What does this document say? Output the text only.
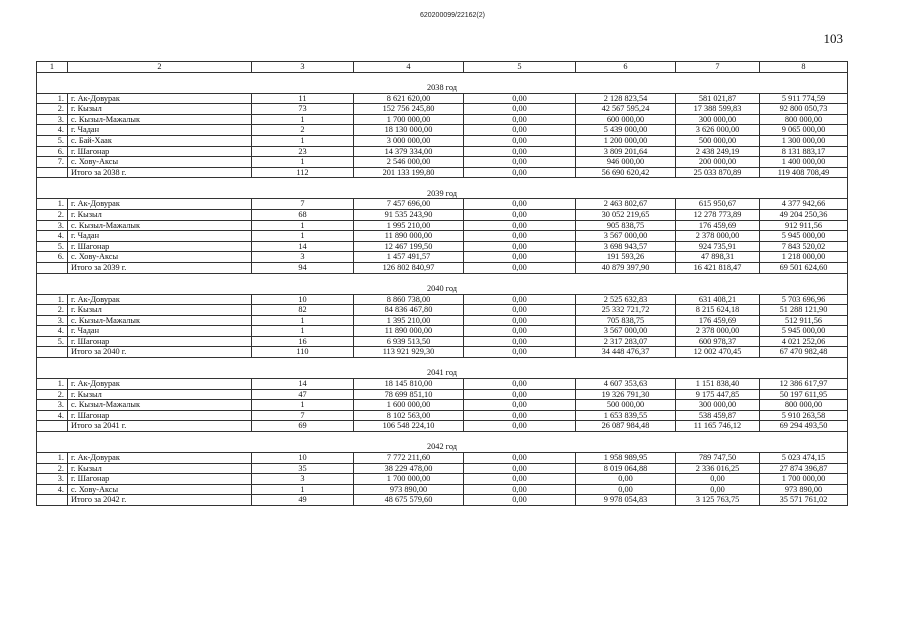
620200099/22162(2)
103
1	2	3	4	5	6	7	8

2038 год							
1.	г. Ак-Довурак	11	8 621 620,00	0,00	2 128 823,54	581 021,87	5 911 774,59
2.	г. Кызыл	73	152 756 245,80	0,00	42 567 595,24	17 388 599,83	92 800 050,73
3.	с. Кызыл-Мажалык	1	1 700 000,00	0,00	600 000,00	300 000,00	800 000,00
4.	г. Чадан	2	18 130 000,00	0,00	5 439 000,00	3 626 000,00	9 065 000,00
5.	с. Бай-Хаак	1	3 000 000,00	0,00	1 200 000,00	500 000,00	1 300 000,00
6.	г. Шагонар	23	14 379 334,00	0,00	3 809 201,64	2 438 249,19	8 131 883,17
7.	с. Хову-Аксы	1	2 546 000,00	0,00	946 000,00	200 000,00	1 400 000,00
	Итого за 2038 г.	112	201 133 199,80	0,00	56 690 620,42	25 033 870,89	119 408 708,49

2039 год							
1.	г. Ак-Довурак	7	7 457 696,00	0,00	2 463 802,67	615 950,67	4 377 942,66
2.	г. Кызыл	68	91 535 243,90	0,00	30 052 219,65	12 278 773,89	49 204 250,36
3.	с. Кызыл-Мажалык	1	1 995 210,00	0,00	905 838,75	176 459,69	912 911,56
4.	г. Чадан	1	11 890 000,00	0,00	3 567 000,00	2 378 000,00	5 945 000,00
5.	г. Шагонар	14	12 467 199,50	0,00	3 698 943,57	924 735,91	7 843 520,02
6.	с. Хову-Аксы	3	1 457 491,57	0,00	191 593,26	47 898,31	1 218 000,00
	Итого за 2039 г.	94	126 802 840,97	0,00	40 879 397,90	16 421 818,47	69 501 624,60

2040 год							
1.	г. Ак-Довурак	10	8 860 738,00	0,00	2 525 632,83	631 408,21	5 703 696,96
2.	г. Кызыл	82	84 836 467,80	0,00	25 332 721,72	8 215 624,18	51 288 121,90
3.	с. Кызыл-Мажалык	1	1 395 210,00	0,00	705 838,75	176 459,69	512 911,56
4.	г. Чадан	1	11 890 000,00	0,00	3 567 000,00	2 378 000,00	5 945 000,00
5.	г. Шагонар	16	6 939 513,50	0,00	2 317 283,07	600 978,37	4 021 252,06
	Итого за 2040 г.	110	113 921 929,30	0,00	34 448 476,37	12 002 470,45	67 470 982,48

2041 год							
1.	г. Ак-Довурак	14	18 145 810,00	0,00	4 607 353,63	1 151 838,40	12 386 617,97
2.	г. Кызыл	47	78 699 851,10	0,00	19 326 791,30	9 175 447,85	50 197 611,95
3.	с. Кызыл-Мажалык	1	1 600 000,00	0,00	500 000,00	300 000,00	800 000,00
4.	г. Шагонар	7	8 102 563,00	0,00	1 653 839,55	538 459,87	5 910 263,58
	Итого за 2041 г.	69	106 548 224,10	0,00	26 087 984,48	11 165 746,12	69 294 493,50

2042 год							
1.	г. Ак-Довурак	10	7 772 211,60	0,00	1 958 989,95	789 747,50	5 023 474,15
2.	г. Кызыл	35	38 229 478,00	0,00	8 019 064,88	2 336 016,25	27 874 396,87
3.	г. Шагонар	3	1 700 000,00	0,00	0,00	0,00	1 700 000,00
4.	с. Хову-Аксы	1	973 890,00	0,00	0,00	0,00	973 890,00
	Итого за 2042 г.	49	48 675 579,60	0,00	9 978 054,83	3 125 763,75	35 571 761,02
